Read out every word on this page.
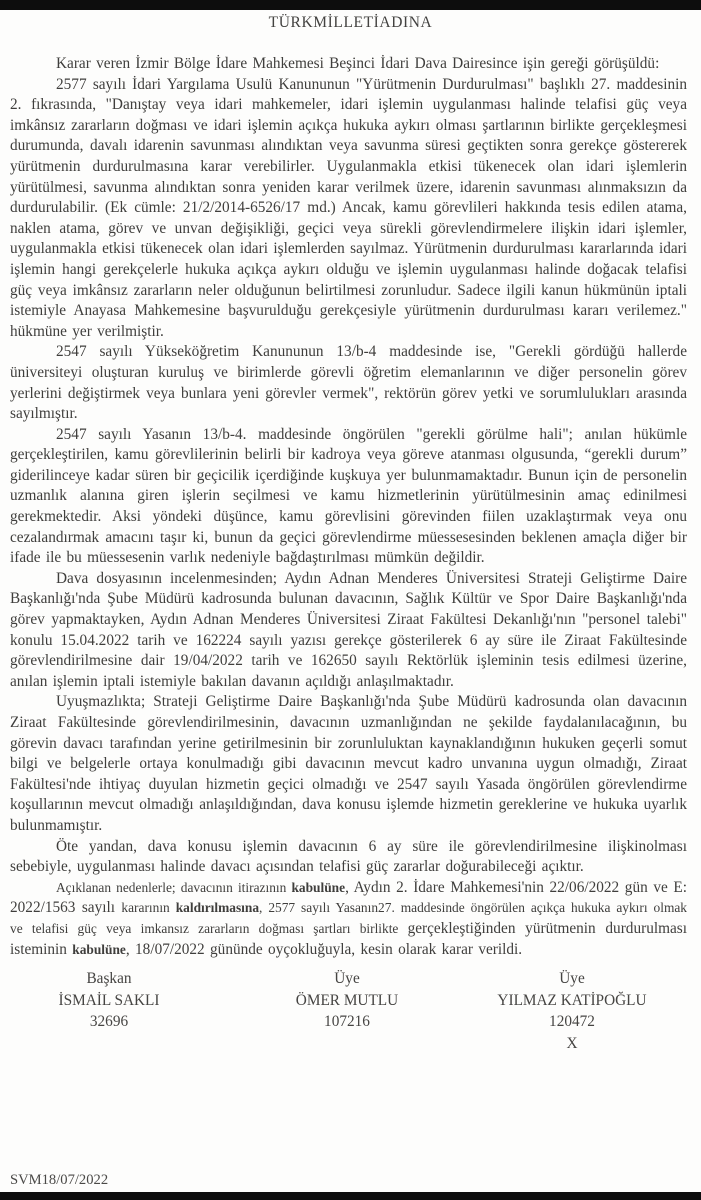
TÜRKMİLLETİADINA

Karar veren İzmir Bölge İdare Mahkemesi Beşinci İdari Dava Dairesince işin gereği görüşüldü:

2577 sayılı İdari Yargılama Usulü Kanununun "Yürütmenin Durdurulması" başlıklı 27. maddesinin 2. fıkrasında, "Danıştay veya idari mahkemeler, idari işlemin uygulanması halinde telafisi güç veya imkânsız zararların doğması ve idari işlemin açıkça hukuka aykırı olması şartlarının birlikte gerçekleşmesi durumunda, davalı idarenin savunması alındıktan veya savunma süresi geçtikten sonra gerekçe göstererek yürütmenin durdurulmasına karar verebilirler. Uygulanmakla etkisi tükenecek olan idari işlemlerin yürütülmesi, savunma alındıktan sonra yeniden karar verilmek üzere, idarenin savunması alınmaksızın da durdurulabilir. (Ek cümle: 21/2/2014-6526/17 md.) Ancak, kamu görevlileri hakkında tesis edilen atama, naklen atama, görev ve unvan değişikliği, geçici veya sürekli görevlendirmelere ilişkin idari işlemler, uygulanmakla etkisi tükenecek olan idari işlemlerden sayılmaz. Yürütmenin durdurulması kararlarında idari işlemin hangi gerekçelerle hukuka açıkça aykırı olduğu ve işlemin uygulanması halinde doğacak telafisi güç veya imkânsız zararların neler olduğunun belirtilmesi zorunludur. Sadece ilgili kanun hükmünün iptali istemiyle Anayasa Mahkemesine başvurulduğu gerekçesiyle yürütmenin durdurulması kararı verilemez." hükmüne yer verilmiştir.

2547 sayılı Yükseköğretim Kanununun 13/b-4 maddesinde ise, "Gerekli gördüğü hallerde üniversiteyi oluşturan kuruluş ve birimlerde görevli öğretim elemanlarının ve diğer personelin görev yerlerini değiştirmek veya bunlara yeni görevler vermek", rektörün görev yetki ve sorumlulukları arasında sayılmıştır.

2547 sayılı Yasanın 13/b-4. maddesinde öngörülen "gerekli görülme hali"; anılan hükümle gerçekleştirilen, kamu görevlilerinin belirli bir kadroya veya göreve atanması olgusunda, “gerekli durum” giderilinceye kadar süren bir geçicilik içerdiğinde kuşkuya yer bulunmamaktadır. Bunun için de personelin uzmanlık alanına giren işlerin seçilmesi ve kamu hizmetlerinin yürütülmesinin amaç edinilmesi gerekmektedir. Aksi yöndeki düşünce, kamu görevlisini görevinden fiilen uzaklaştırmak veya onu cezalandırmak amacını taşır ki, bunun da geçici görevlendirme müessesesinden beklenen amaçla diğer bir ifade ile bu müessesenin varlık nedeniyle bağdaştırılması mümkün değildir.

Dava dosyasının incelenmesinden; Aydın Adnan Menderes Üniversitesi Strateji Geliştirme Daire Başkanlığı'nda Şube Müdürü kadrosunda bulunan davacının, Sağlık Kültür ve Spor Daire Başkanlığı'nda görev yapmaktayken, Aydın Adnan Menderes Üniversitesi Ziraat Fakültesi Dekanlığı'nın "personel talebi" konulu 15.04.2022 tarih ve 162224 sayılı yazısı gerekçe gösterilerek 6 ay süre ile Ziraat Fakültesinde görevlendirilmesine dair 19/04/2022 tarih ve 162650 sayılı Rektörlük işleminin tesis edilmesi üzerine, anılan işlemin iptali istemiyle bakılan davanın açıldığı anlaşılmaktadır.

Uyuşmazlıkta; Strateji Geliştirme Daire Başkanlığı'nda Şube Müdürü kadrosunda olan davacının Ziraat Fakültesinde görevlendirilmesinin, davacının uzmanlığından ne şekilde faydalanılacağının, bu görevin davacı tarafından yerine getirilmesinin bir zorunluluktan kaynaklandığının hukuken geçerli somut bilgi ve belgelerle ortaya konulmadığı gibi davacının mevcut kadro unvanına uygun olmadığı, Ziraat Fakültesi'nde ihtiyaç duyulan hizmetin geçici olmadığı ve 2547 sayılı Yasada öngörülen görevlendirme koşullarının mevcut olmadığı anlaşıldığından, dava konusu işlemde hizmetin gereklerine ve hukuka uyarlık bulunmamıştır.

Öte yandan, dava konusu işlemin davacının 6 ay süre ile görevlendirilmesine ilişkinolması sebebiyle, uygulanması halinde davacı açısından telafisi güç zararlar doğurabileceği açıktır.

Açıklanan nedenlerle; davacının itirazının kabulüne, Aydın 2. İdare Mahkemesi'nin 22/06/2022 gün ve E: 2022/1563 sayılı kararının kaldırılmasına, 2577 sayılı Yasanın27. maddesinde öngörülen açıkça hukuka aykırı olmak ve telafisi güç veya imkansız zararların doğması şartları birlikte gerçekleştiğinden yürütmenin durdurulması isteminin kabulüne, 18/07/2022 gününde oyçokluğuyla, kesin olarak karar verildi.

Başkan
İSMAİL SAKLI
32696
Üye
ÖMER MUTLU
107216
Üye
YILMAZ KATİPOĞLU
120472
X
SVM18/07/2022
